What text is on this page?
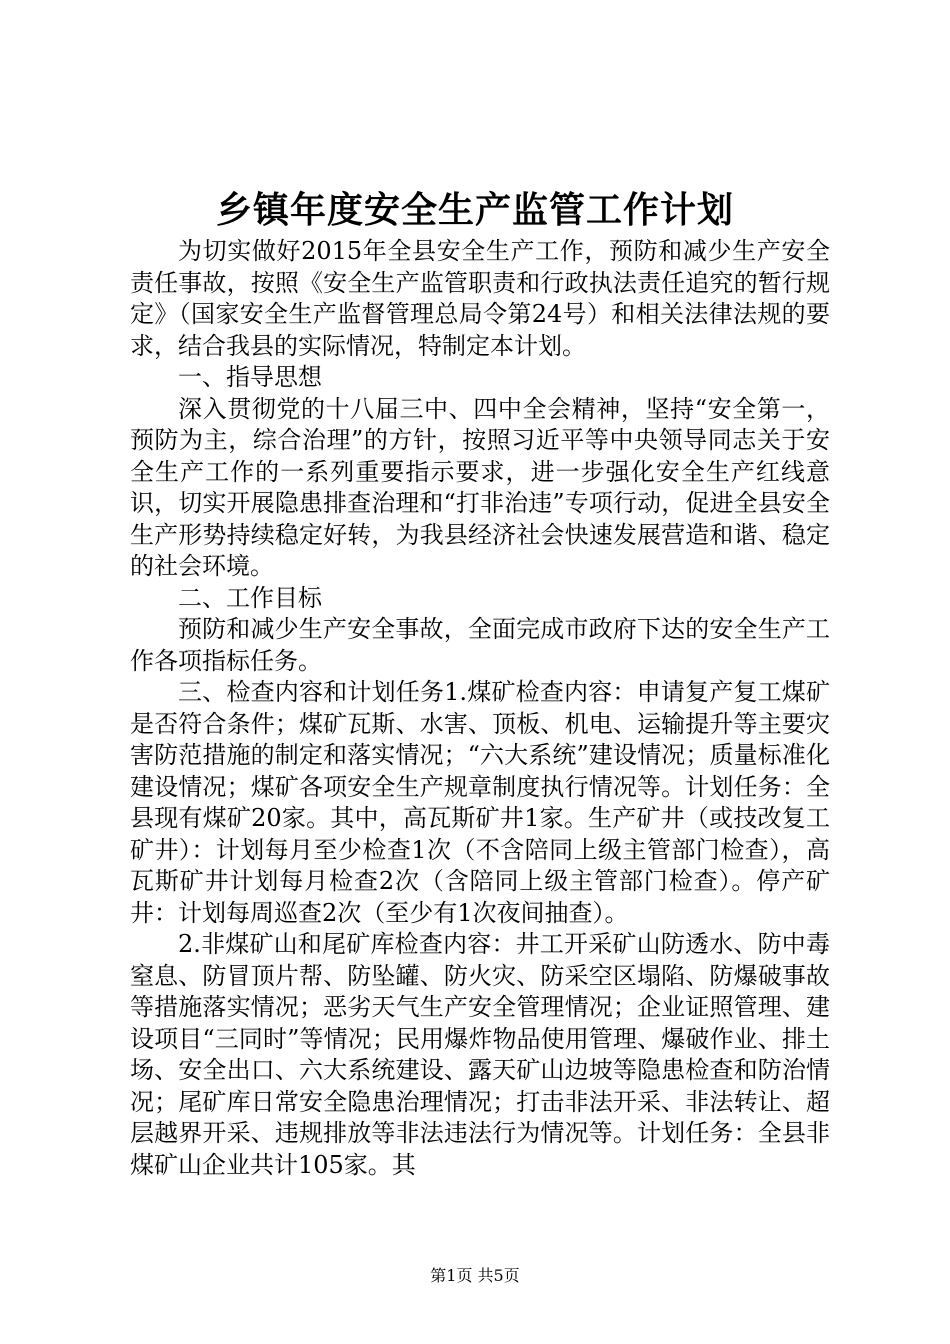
乡镇年度安全生产监管工作计划

为切实做好2015年全县安全生产工作，预防和减少生产安全责任事故，按照《安全生产监管职责和行政执法责任追究的暂行规定》（国家安全生产监督管理总局令第24号）和相关法律法规的要求，结合我县的实际情况，特制定本计划。

一、指导思想

深入贯彻党的十八届三中、四中全会精神，坚持“安全第一，预防为主，综合治理”的方针，按照习近平等中央领导同志关于安全生产工作的一系列重要指示要求，进一步强化安全生产红线意识，切实开展隐患排查治理和“打非治违”专项行动，促进全县安全生产形势持续稳定好转，为我县经济社会快速发展营造和谐、稳定的社会环境。

二、工作目标

预防和减少生产安全事故，全面完成市政府下达的安全生产工作各项指标任务。

三、检查内容和计划任务1.煤矿检查内容：申请复产复工煤矿是否符合条件；煤矿瓦斯、水害、顶板、机电、运输提升等主要灾害防范措施的制定和落实情况；“六大系统”建设情况；质量标准化建设情况；煤矿各项安全生产规章制度执行情况等。计划任务：全县现有煤矿20家。其中，高瓦斯矿井1家。生产矿井（或技改复工矿井）：计划每月至少检查1次（不含陪同上级主管部门检查），高瓦斯矿井计划每月检查2次（含陪同上级主管部门检查）。停产矿井：计划每周巡查2次（至少有1次夜间抽查）。

2.非煤矿山和尾矿库检查内容：井工开采矿山防透水、防中毒窒息、防冒顶片帮、防坠罐、防火灾、防采空区塌陷、防爆破事故等措施落实情况；恶劣天气生产安全管理情况；企业证照管理、建设项目“三同时”等情况；民用爆炸物品使用管理、爆破作业、排土场、安全出口、六大系统建设、露天矿山边坡等隐患检查和防治情况；尾矿库日常安全隐患治理情况；打击非法开采、非法转让、超层越界开采、违规排放等非法违法行为情况等。计划任务：全县非煤矿山企业共计105家。其

第1页 共5页
